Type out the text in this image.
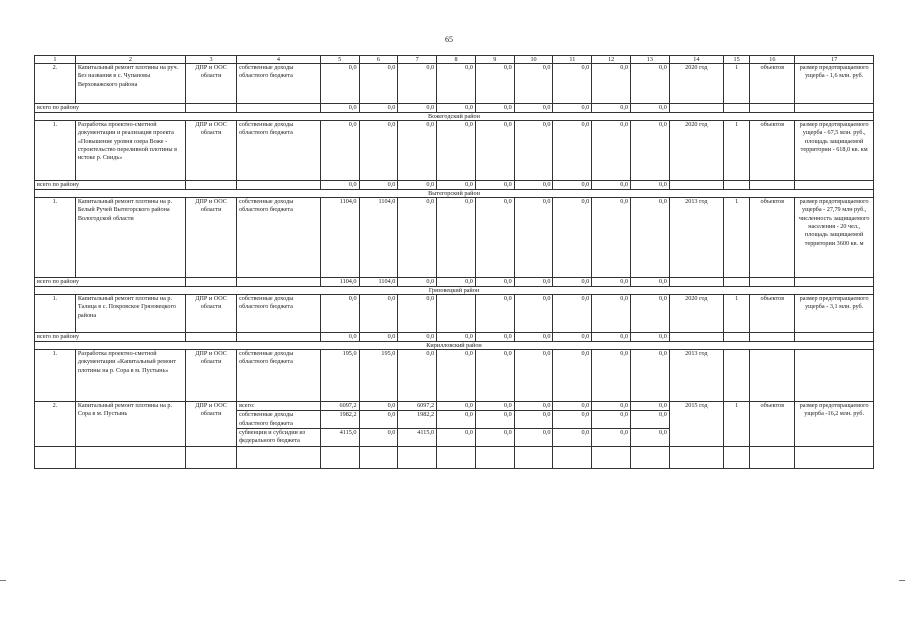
65
1	2	3	4	5	6	7	8	9	10	11	12	13	14	15	16	17
2.	Капитальный ремонт плотины на руч. Без названия в с. Чупановы Верховажского района	ДПР и ООС области	собственные доходы областного бюджета	0,0	0,0	0,0	0,0	0,0	0,0	0,0	0,0	0,0	2020 год	1	объектов	размер предотвращаемого ущерба - 1,6 млн. руб.
всего по району				0,0	0,0	0,0	0,0	0,0	0,0	0,0	0,0	0,0				
Вожегодский район																
1.	Разработка проектно-сметной документации и реализация проекта «Повышение уровня озера Воже - строительство переливной плотины в истоке р. Свидь»	ДПР и ООС области	собственные доходы областного бюджета	0,0	0,0	0,0	0,0	0,0	0,0	0,0	0,0	0,0	2020 год	1	объектов	размер предотвращаемого ущерба - 67,5 млн. руб., площадь защищаемой территории - 618,0 кв. км
всего по району				0,0	0,0	0,0	0,0	0,0	0,0	0,0	0,0	0,0				
Вытегорский район																
1.	Капитальный ремонт плотины на р. Белый Ручей Вытегорского района Вологодской области	ДПР и ООС области	собственные доходы областного бюджета	1104,0	1104,0	0,0	0,0	0,0	0,0	0,0	0,0	0,0	2013 год	1	объектов	размер предотвращаемого ущерба - 27,79 млн руб., численность защищаемого населения - 20 чел., площадь защищаемой территории 3600 кв. м
всего по району				1104,0	1104,0	0,0	0,0	0,0	0,0	0,0	0,0	0,0				
Грязовецкий район																
1.	Капитальный ремонт плотины на р. Талица в с. Покровское Грязовецкого района	ДПР и ООС области	собственные доходы областного бюджета	0,0	0,0	0,0		0,0	0,0	0,0	0,0	0,0	2020 год	1	объектов	размер предотвращаемого ущерба - 3,1 млн. руб.
всего по району				0,0	0,0	0,0	0,0	0,0	0,0	0,0	0,0	0,0				
Кирилловский район																
1.	Разработка проектно-сметной документации «Капитальный ремонт плотины на р. Сора в м. Пустынь»	ДПР и ООС области	собственные доходы областного бюджета	195,0	195,0	0,0	0,0	0,0	0,0	0,0	0,0	0,0	2013 год			
2.	Капитальный ремонт плотины на р. Сора в м. Пустынь	ДПР и ООС области	всего:	6097,2	0,0	6097,2	0,0	0,0	0,0	0,0	0,0	0,0	2015 год	1	объектов	размер предотвращаемого ущерба -16,2 млн. руб.
			собственные доходы областного бюджета	1982,2	0,0	1982,2	0,0	0,0	0,0	0,0	0,0	0,0				
			субвенции и субсидии из федерального бюджета	4115,0	0,0	4115,0	0,0	0,0	0,0	0,0	0,0	0,0				
